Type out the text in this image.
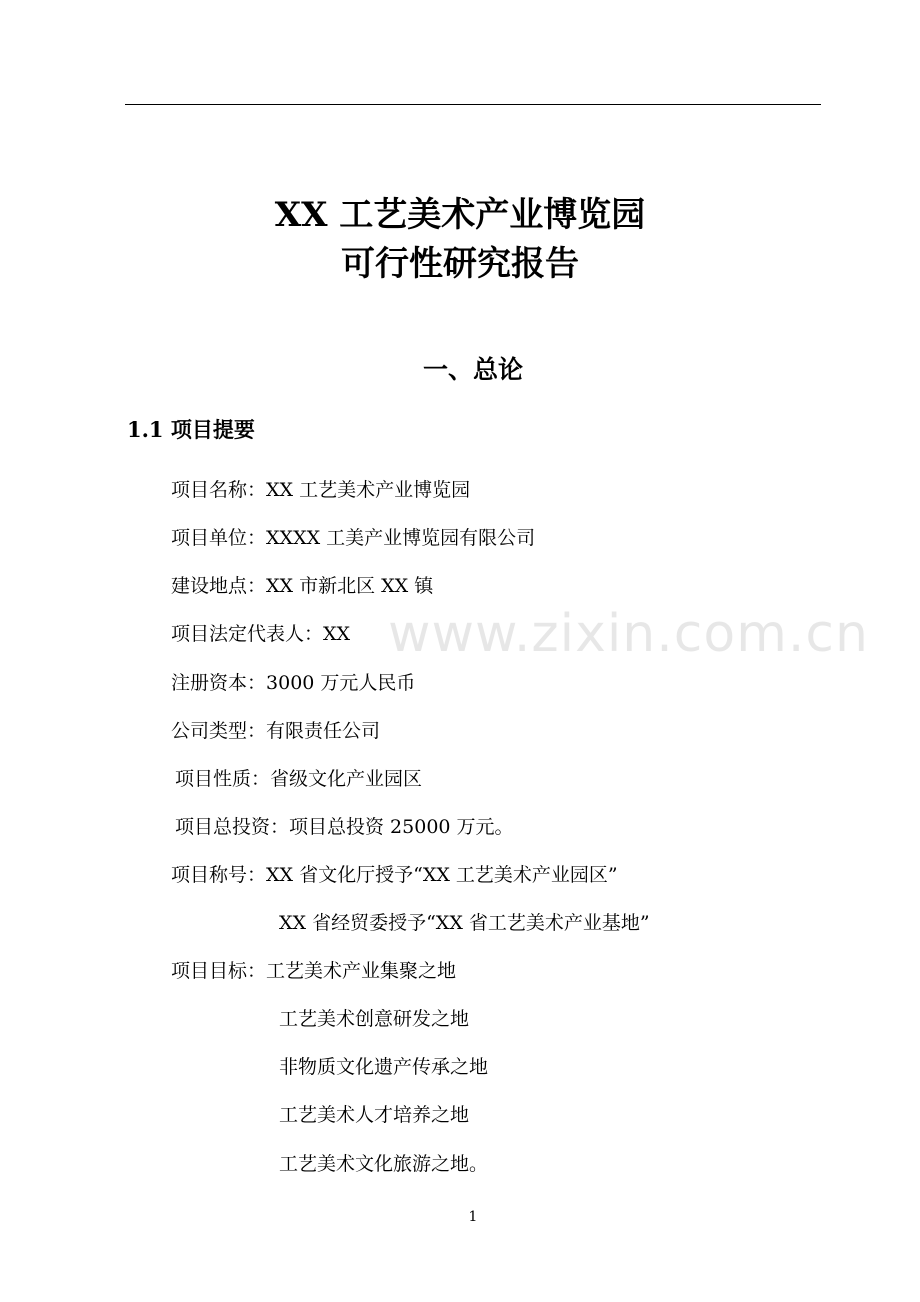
XX 工艺美术产业博览园
可行性研究报告
一、总论
1.1 项目提要
项目名称：XX 工艺美术产业博览园
项目单位：XXXX 工美产业博览园有限公司
建设地点：XX 市新北区 XX 镇
项目法定代表人：XX
注册资本：3000 万元人民币
公司类型：有限责任公司
项目性质：省级文化产业园区
项目总投资：项目总投资 25000 万元。
项目称号：XX 省文化厅授予“XX 工艺美术产业园区”
XX 省经贸委授予“XX 省工艺美术产业基地”
项目目标：工艺美术产业集聚之地
工艺美术创意研发之地
非物质文化遗产传承之地
工艺美术人才培养之地
工艺美术文化旅游之地。
www.zixin.com.cn
1
